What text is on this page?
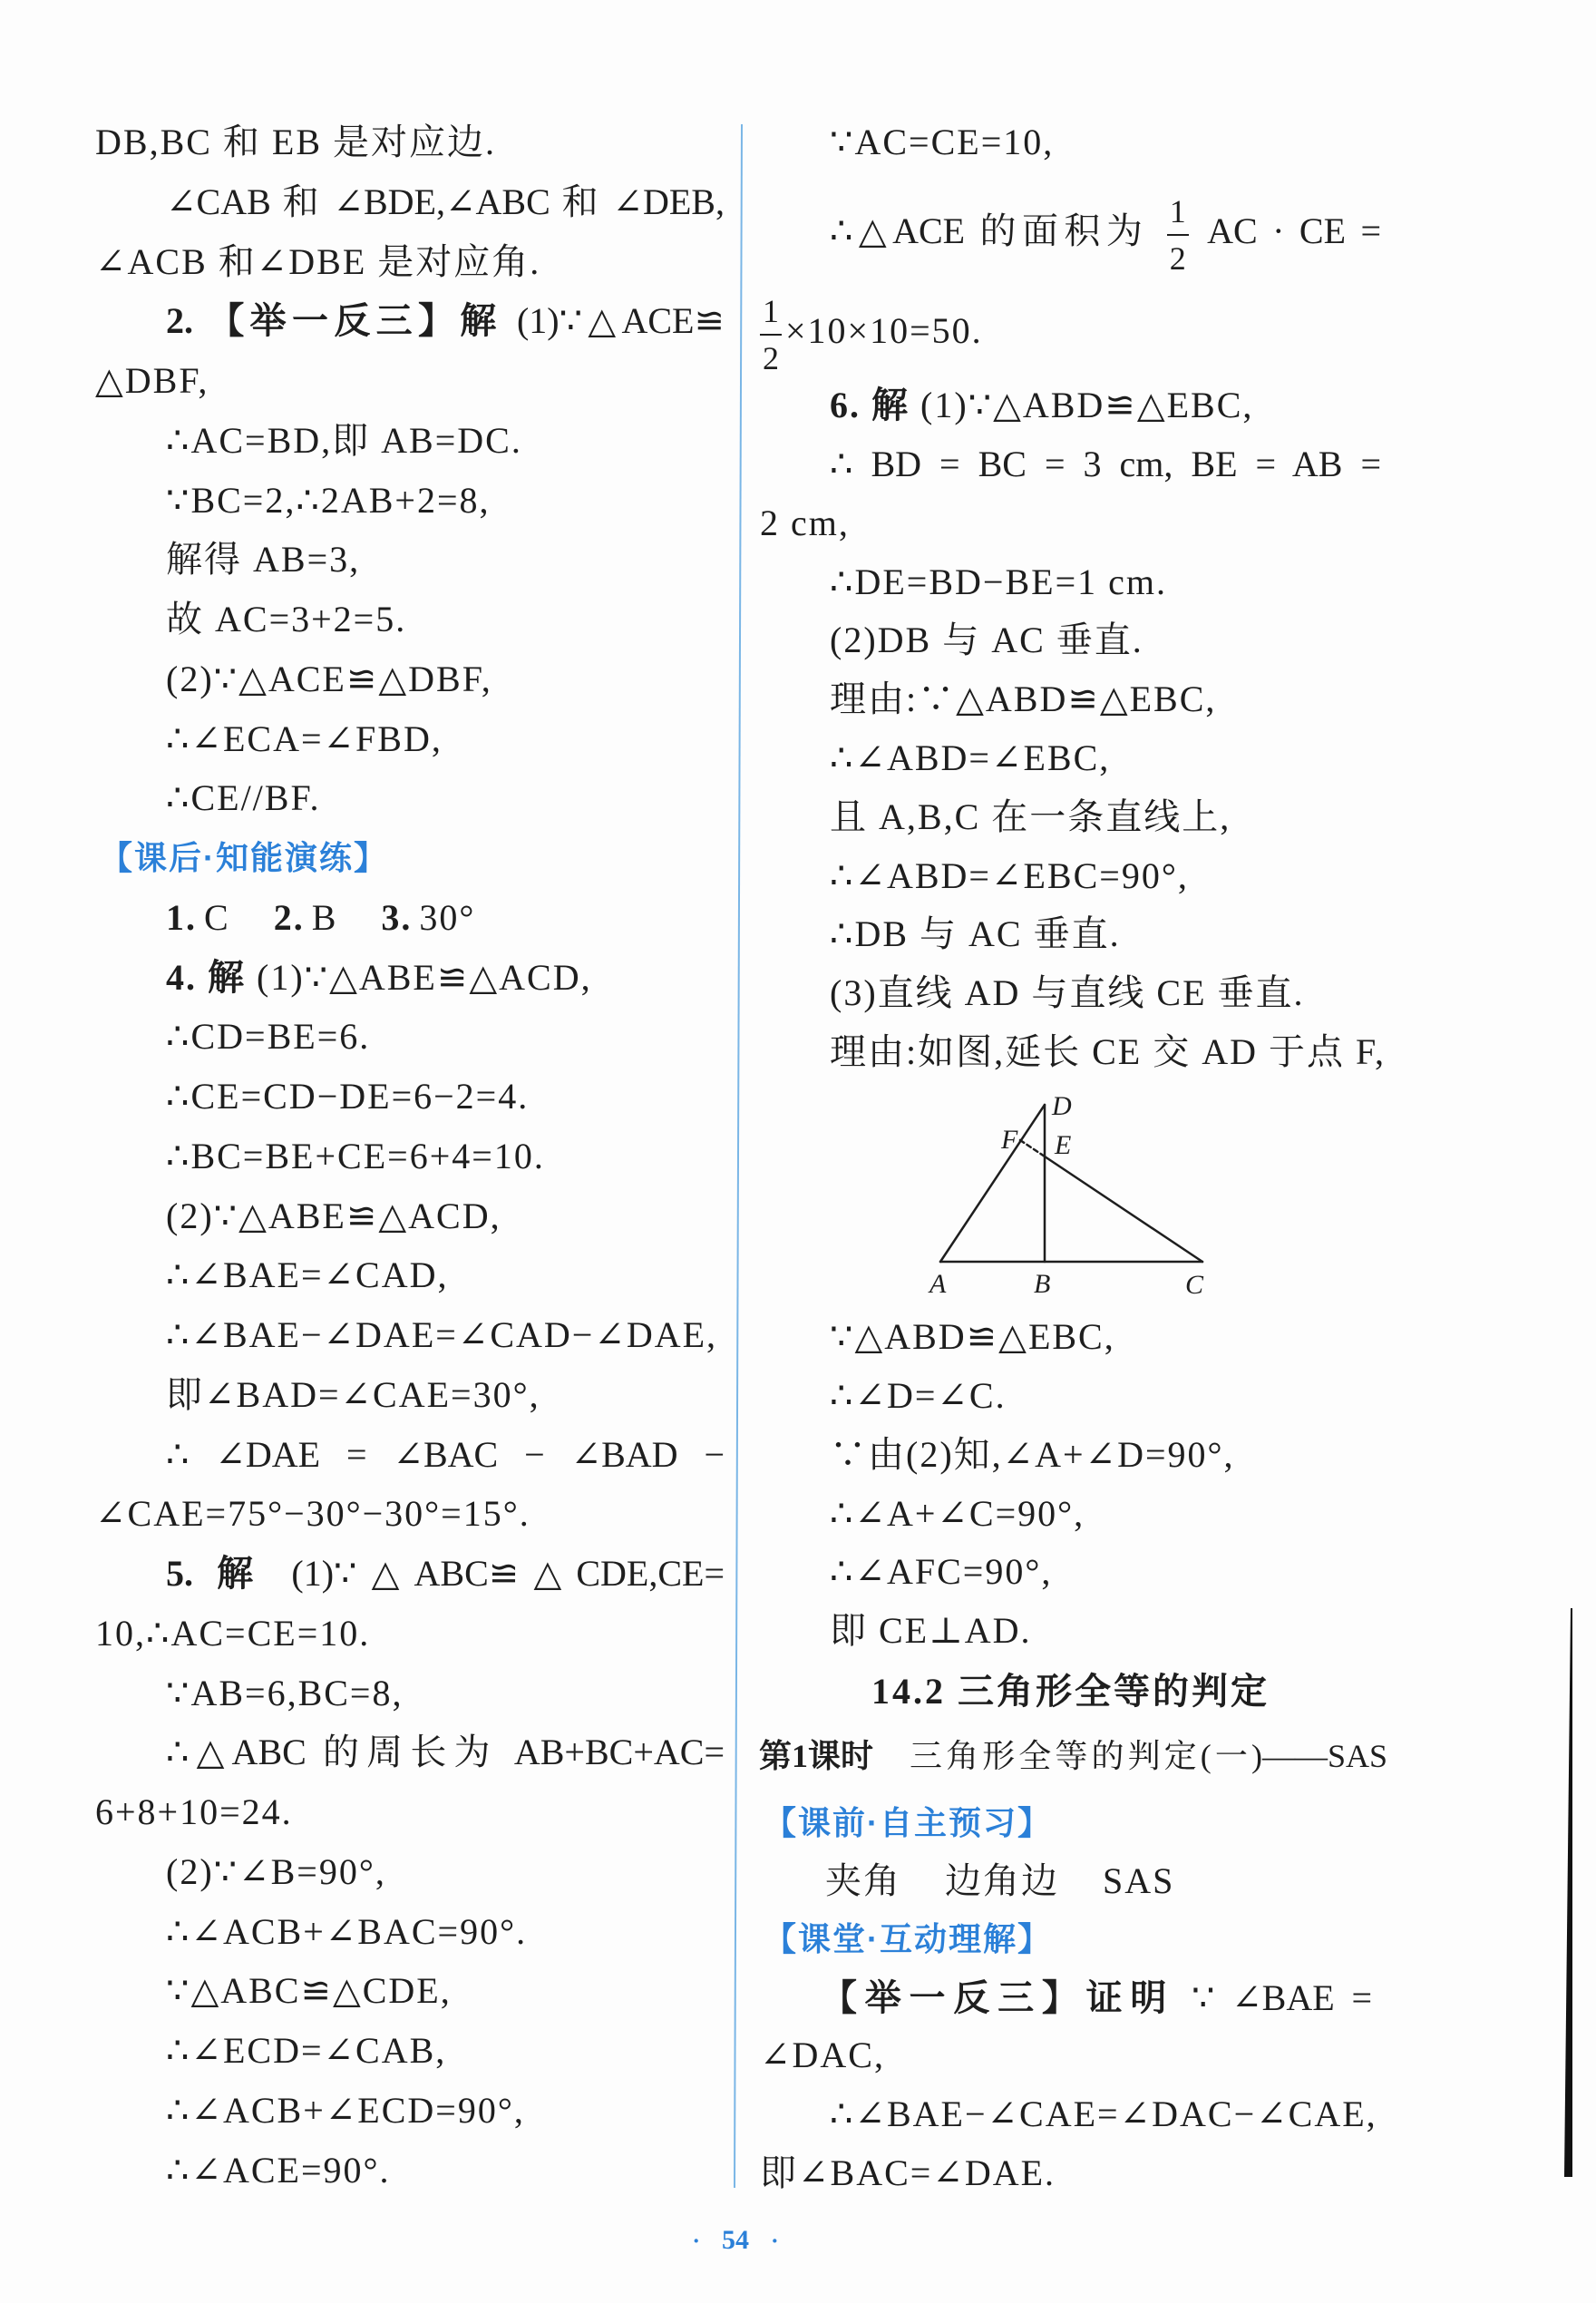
DB,BC 和 EB 是对应边.
∠CAB 和 ∠BDE,∠ABC 和 ∠DEB,
∠ACB 和∠DBE 是对应角.
2. 【举一反三】解 (1)∵△ACE≌
△DBF,
∴AC=BD,即 AB=DC.
∵BC=2,∴2AB+2=8,
解得 AB=3,
故 AC=3+2=5.
(2)∵△ACE≌△DBF,
∴∠ECA=∠FBD,
∴CE//BF.
【课后·知能演练】
1. C 2. B 3. 30°
4. 解 (1)∵△ABE≌△ACD,
∴CD=BE=6.
∴CE=CD−DE=6−2=4.
∴BC=BE+CE=6+4=10.
(2)∵△ABE≌△ACD,
∴∠BAE=∠CAD,
∴∠BAE−∠DAE=∠CAD−∠DAE,
即∠BAD=∠CAE=30°,
∴ ∠DAE = ∠BAC − ∠BAD −
∠CAE=75°−30°−30°=15°.
5. 解 (1)∵△ABC≌△CDE,CE=
10,∴AC=CE=10.
∵AB=6,BC=8,
∴△ABC 的周长为 AB+BC+AC=
6+8+10=24.
(2)∵∠B=90°,
∴∠ACB+∠BAC=90°.
∵△ABC≌△CDE,
∴∠ECD=∠CAB,
∴∠ACB+∠ECD=90°,
∴∠ACE=90°.
∵AC=CE=10,
∴△ACE 的面积为 $\frac{1}{2}$ AC · CE =
$\frac{1}{2} \times 10\times 10=50$.
6. 解 (1)∵△ABD≌△EBC,
∴ BD = BC = 3 cm, BE = AB =
2 cm,
∴DE=BD−BE=1 cm.
(2)DB 与 AC 垂直.
理由:∵△ABD≌△EBC,
∴∠ABD=∠EBC,
且 A,B,C 在一条直线上,
∴∠ABD=∠EBC=90°,
∴DB 与 AC 垂直.
(3)直线 AD 与直线 CE 垂直.
理由:如图,延长 CE 交 AD 于点 F,
D
E
F
A	B	C
∵△ABD≌△EBC,
∴∠D=∠C.
∵由(2)知,∠A+∠D=90°,
∴∠A+∠C=90°,
∴∠AFC=90°,
即 CE⊥AD.
14.2 三角形全等的判定
第1课时	三角形全等的判定(一)——SAS
【课前·自主预习】
夹角 边角边 SAS
【课堂·互动理解】
【举一反三】证明 ∵ ∠BAE =
∠DAC,
∴∠BAE−∠CAE=∠DAC−∠CAE,
即∠BAC=∠DAE.
· 54 ·
